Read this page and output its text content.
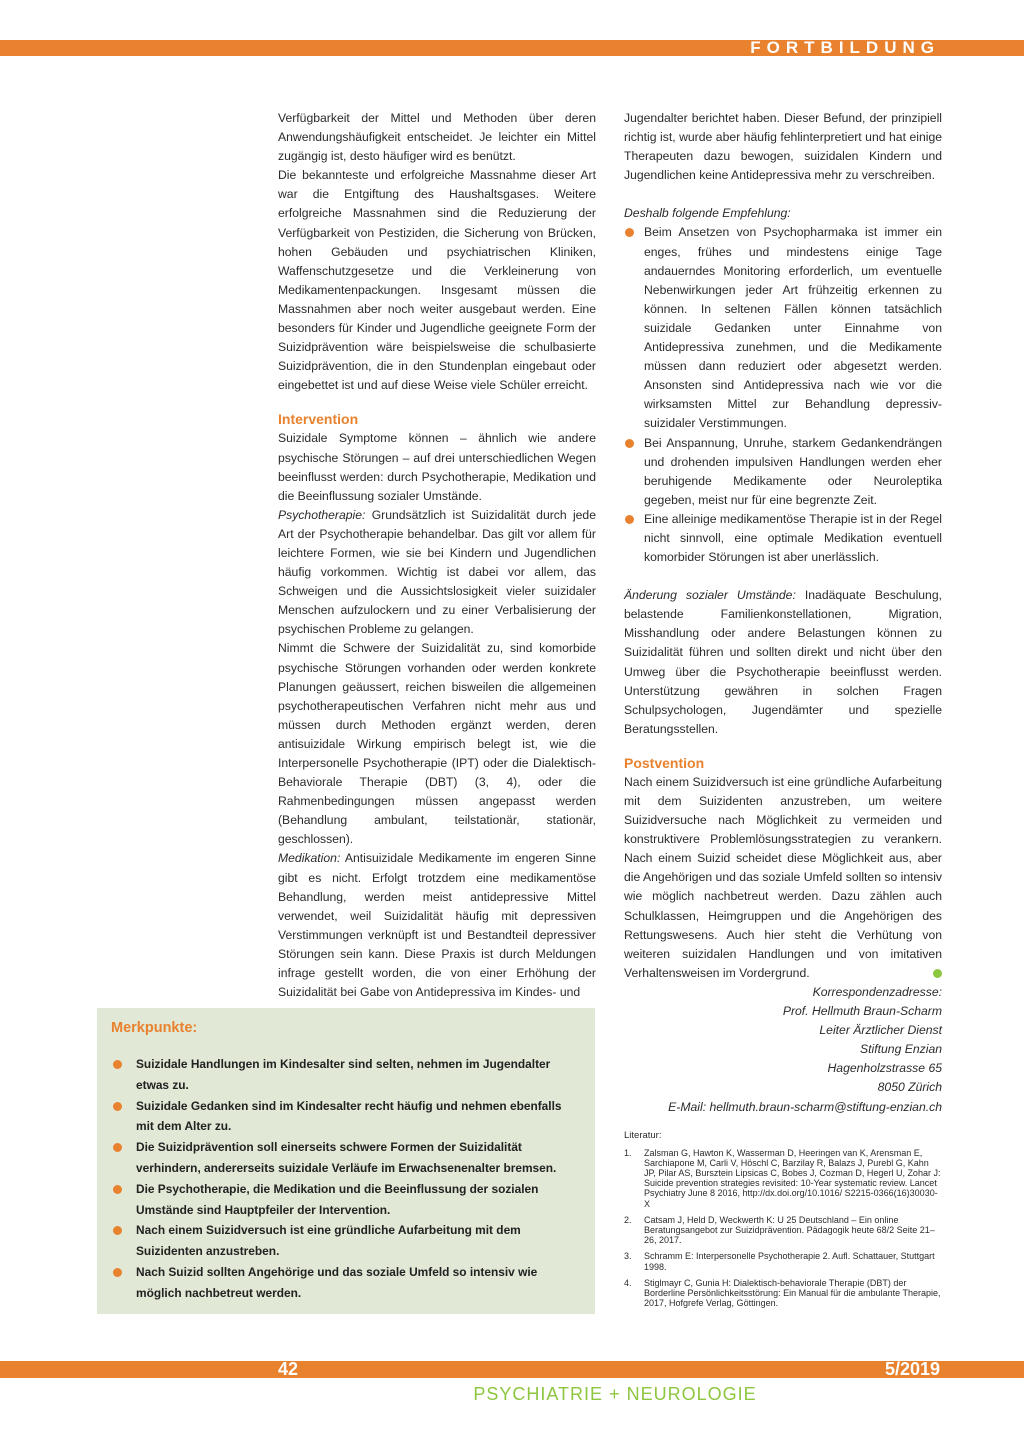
FORTBILDUNG

Verfügbarkeit der Mittel und Methoden über deren Anwendungshäufigkeit entscheidet. Je leichter ein Mittel zugängig ist, desto häufiger wird es benützt.

Die bekannteste und erfolgreiche Massnahme dieser Art war die Entgiftung des Haushaltsgases. Weitere erfolgreiche Massnahmen sind die Reduzierung der Verfügbarkeit von Pestiziden, die Sicherung von Brücken, hohen Gebäuden und psychiatrischen Kliniken, Waffenschutzgesetze und die Verkleinerung von Medikamentenpackungen. Insgesamt müssen die Massnahmen aber noch weiter ausgebaut werden. Eine besonders für Kinder und Jugendliche geeignete Form der Suizidprävention wäre beispielsweise die schulbasierte Suizidprävention, die in den Stundenplan eingebaut oder eingebettet ist und auf diese Weise viele Schüler erreicht.

Intervention

Suizidale Symptome können – ähnlich wie andere psychische Störungen – auf drei unterschiedlichen Wegen beeinflusst werden: durch Psychotherapie, Medikation und die Beeinflussung sozialer Umstände.

Psychotherapie: Grundsätzlich ist Suizidalität durch jede Art der Psychotherapie behandelbar. Das gilt vor allem für leichtere Formen, wie sie bei Kindern und Jugendlichen häufig vorkommen. Wichtig ist dabei vor allem, das Schweigen und die Aussichtslosigkeit vieler suizidaler Menschen aufzulockern und zu einer Verbalisierung der psychischen Probleme zu gelangen.

Nimmt die Schwere der Suizidalität zu, sind komorbide psychische Störungen vorhanden oder werden konkrete Planungen geäussert, reichen bisweilen die allgemeinen psychotherapeutischen Verfahren nicht mehr aus und müssen durch Methoden ergänzt werden, deren antisuizidale Wirkung empirisch belegt ist, wie die Interpersonelle Psychotherapie (IPT) oder die Dialektisch-Behaviorale Therapie (DBT) (3, 4), oder die Rahmenbedingungen müssen angepasst werden (Behandlung ambulant, teilstationär, stationär, geschlossen).

Medikation: Antisuizidale Medikamente im engeren Sinne gibt es nicht. Erfolgt trotzdem eine medikamentöse Behandlung, werden meist antidepressive Mittel verwendet, weil Suizidalität häufig mit depressiven Verstimmungen verknüpft ist und Bestandteil depressiver Störungen sein kann. Diese Praxis ist durch Meldungen infrage gestellt worden, die von einer Erhöhung der Suizidalität bei Gabe von Antidepressiva im Kindes- und

Jugendalter berichtet haben. Dieser Befund, der prinzipiell richtig ist, wurde aber häufig fehlinterpretiert und hat einige Therapeuten dazu bewogen, suizidalen Kindern und Jugendlichen keine Antidepressiva mehr zu verschreiben.

Deshalb folgende Empfehlung:

Beim Ansetzen von Psychopharmaka ist immer ein enges, frühes und mindestens einige Tage andauerndes Monitoring erforderlich, um eventuelle Nebenwirkungen jeder Art frühzeitig erkennen zu können. In seltenen Fällen können tatsächlich suizidale Gedanken unter Einnahme von Antidepressiva zunehmen, und die Medikamente müssen dann reduziert oder abgesetzt werden. Ansonsten sind Antidepressiva nach wie vor die wirksamsten Mittel zur Behandlung depressiv-suizidaler Verstimmungen.
Bei Anspannung, Unruhe, starkem Gedankendrängen und drohenden impulsiven Handlungen werden eher beruhigende Medikamente oder Neuroleptika gegeben, meist nur für eine begrenzte Zeit.
Eine alleinige medikamentöse Therapie ist in der Regel nicht sinnvoll, eine optimale Medikation eventuell komorbider Störungen ist aber unerlässlich.

Änderung sozialer Umstände: Inadäquate Beschulung, belastende Familienkonstellationen, Migration, Misshandlung oder andere Belastungen können zu Suizidalität führen und sollten direkt und nicht über den Umweg über die Psychotherapie beeinflusst werden. Unterstützung gewähren in solchen Fragen Schulpsychologen, Jugendämter und spezielle Beratungsstellen.

Postvention

Nach einem Suizidversuch ist eine gründliche Aufarbeitung mit dem Suizidenten anzustreben, um weitere Suizidversuche nach Möglichkeit zu vermeiden und konstruktivere Problemlösungsstrategien zu verankern. Nach einem Suizid scheidet diese Möglichkeit aus, aber die Angehörigen und das soziale Umfeld sollten so intensiv wie möglich nachbetreut werden. Dazu zählen auch Schulklassen, Heimgruppen und die Angehörigen des Rettungswesens. Auch hier steht die Verhütung von weiteren suizidalen Handlungen und von imitativen Verhaltensweisen im Vordergrund.

Korrespondenzadresse:
Prof. Hellmuth Braun-Scharm
Leiter Ärztlicher Dienst
Stiftung Enzian
Hagenholzstrasse 65
8050 Zürich
E-Mail: hellmuth.braun-scharm@stiftung-enzian.ch
Literatur:
1.	Zalsman G, Hawton K, Wasserman D, Heeringen van K, Arensman E, Sarchiapone M, Carli V, Höschl C, Barzilay R, Balazs J, Purebl G, Kahn JP, Pilar AS, Bursztein Lipsicas C, Bobes J, Cozman D, Hegerl U, Zohar J: Suicide prevention strategies revisited: 10-Year systematic review. Lancet Psychiatry June 8 2016, http://dx.doi.org/10.1016/ S2215-0366(16)30030-X
2.	Catsam J, Held D, Weckwerth K: U 25 Deutschland – Ein online Beratungsangebot zur Suizidprävention. Pädagogik heute 68/2 Seite 21–26, 2017.
3.	Schramm E: Interpersonelle Psychotherapie 2. Aufl. Schattauer, Stuttgart 1998.
4.	Stiglmayr C, Gunia H: Dialektisch-behaviorale Therapie (DBT) der Borderline Persönlichkeitsstörung: Ein Manual für die ambulante Therapie, 2017, Hofgrefe Verlag, Göttingen.
Merkpunkte:
Suizidale Handlungen im Kindesalter sind selten, nehmen im Jugendalter etwas zu.
Suizidale Gedanken sind im Kindesalter recht häufig und nehmen ebenfalls mit dem Alter zu.
Die Suizidprävention soll einerseits schwere Formen der Suizidalität verhindern, andererseits suizidale Verläufe im Erwachsenenalter bremsen.
Die Psychotherapie, die Medikation und die Beeinflussung der sozialen Umstände sind Hauptpfeiler der Intervention.
Nach einem Suizidversuch ist eine gründliche Aufarbeitung mit dem Suizidenten anzustreben.
Nach Suizid sollten Angehörige und das soziale Umfeld so intensiv wie möglich nachbetreut werden.
42	5/2019
PSYCHIATRIE + NEUROLOGIE
